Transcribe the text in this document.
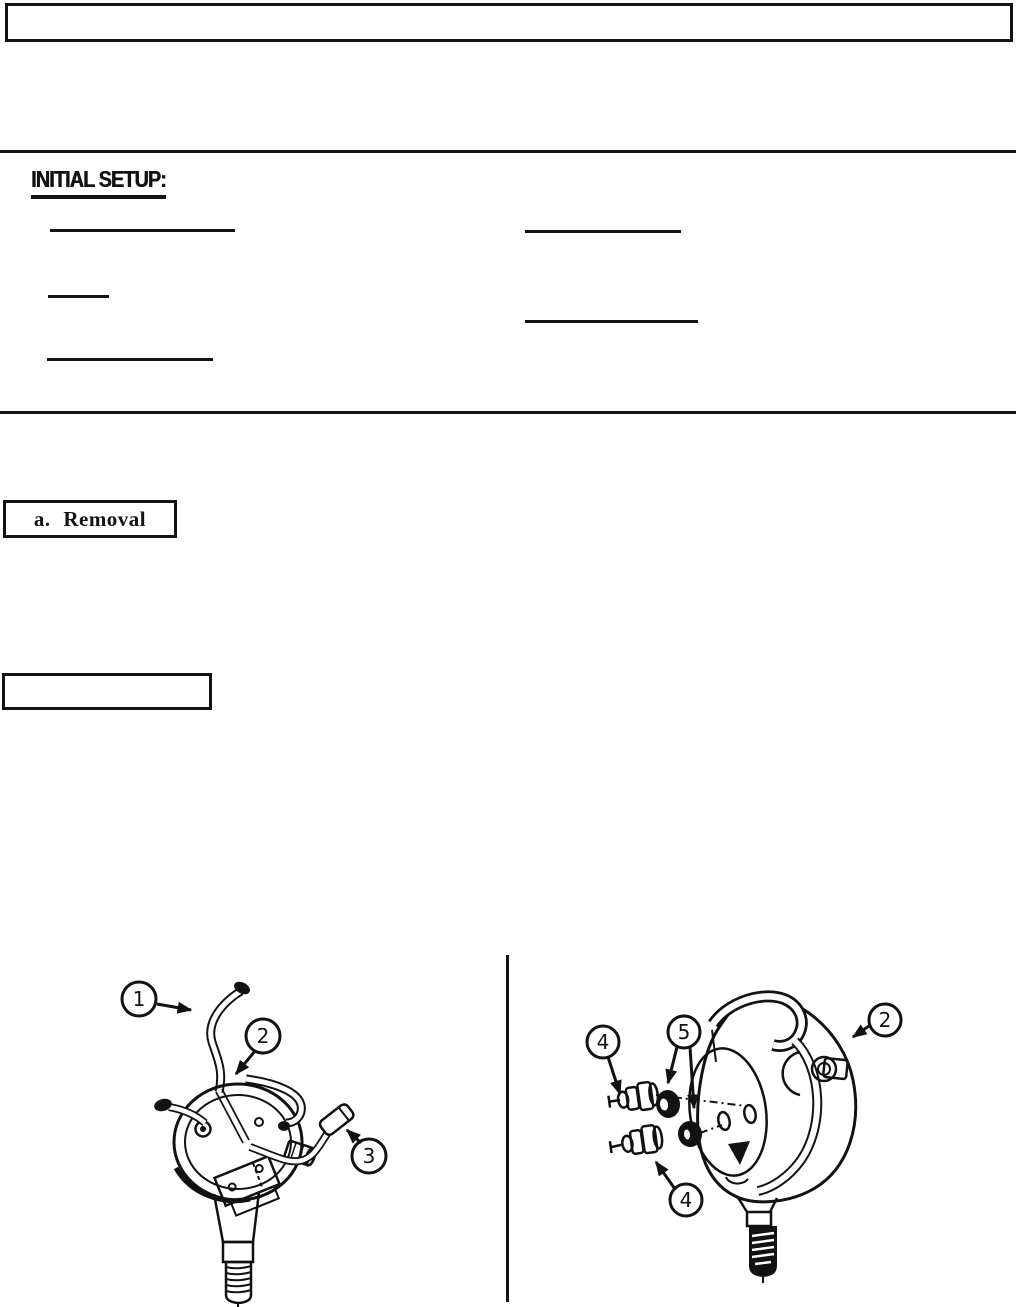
INITIAL SETUP:
a. Removal
1
2
3
4	5	2
4
